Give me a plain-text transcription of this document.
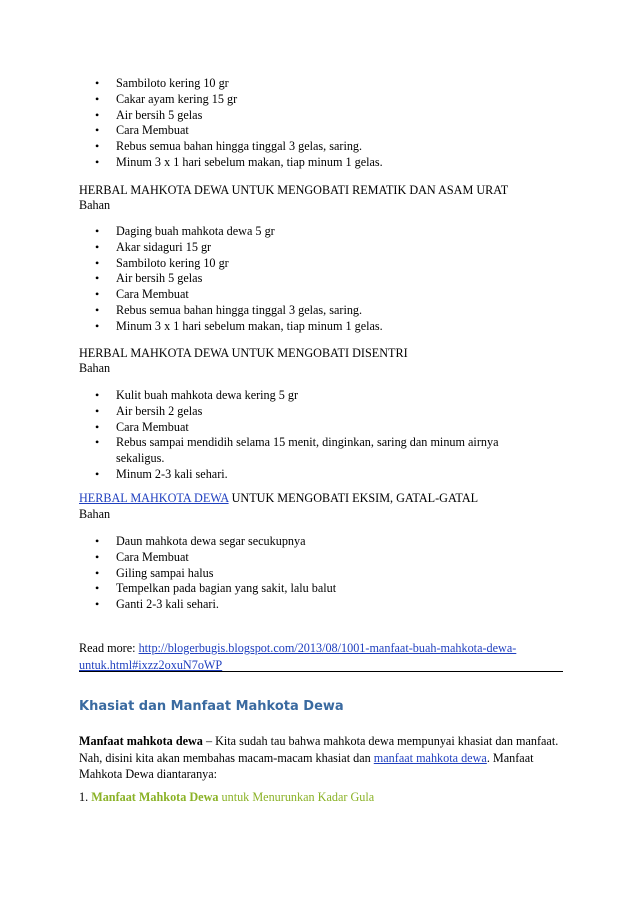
• Sambiloto kering 10 gr
• Cakar ayam kering 15 gr
• Air bersih 5 gelas
• Cara Membuat
• Rebus semua bahan hingga tinggal 3 gelas, saring.
• Minum 3 x 1 hari sebelum makan, tiap minum 1 gelas.
HERBAL MAHKOTA DEWA UNTUK MENGOBATI REMATIK DAN ASAM URAT
Bahan
• Daging buah mahkota dewa 5 gr
• Akar sidaguri 15 gr
• Sambiloto kering 10 gr
• Air bersih 5 gelas
• Cara Membuat
• Rebus semua bahan hingga tinggal 3 gelas, saring.
• Minum 3 x 1 hari sebelum makan, tiap minum 1 gelas.
HERBAL MAHKOTA DEWA UNTUK MENGOBATI DISENTRI
Bahan
• Kulit buah mahkota dewa kering 5 gr
• Air bersih 2 gelas
• Cara Membuat
• Rebus sampai mendidih selama 15 menit, dinginkan, saring dan minum airnya sekaligus.
• Minum 2-3 kali sehari.
HERBAL MAHKOTA DEWA UNTUK MENGOBATI EKSIM, GATAL-GATAL
Bahan
• Daun mahkota dewa segar secukupnya
• Cara Membuat
• Giling sampai halus
• Tempelkan pada bagian yang sakit, lalu balut
• Ganti 2-3 kali sehari.
Read more: http://blogerbugis.blogspot.com/2013/08/1001-manfaat-buah-mahkota-dewa-untuk.html#ixzz2oxuN7oWP
Khasiat dan Manfaat Mahkota Dewa
Manfaat mahkota dewa – Kita sudah tau bahwa mahkota dewa mempunyai khasiat dan manfaat. Nah, disini kita akan membahas macam-macam khasiat dan manfaat mahkota dewa. Manfaat Mahkota Dewa diantaranya:
1. Manfaat Mahkota Dewa untuk Menurunkan Kadar Gula
